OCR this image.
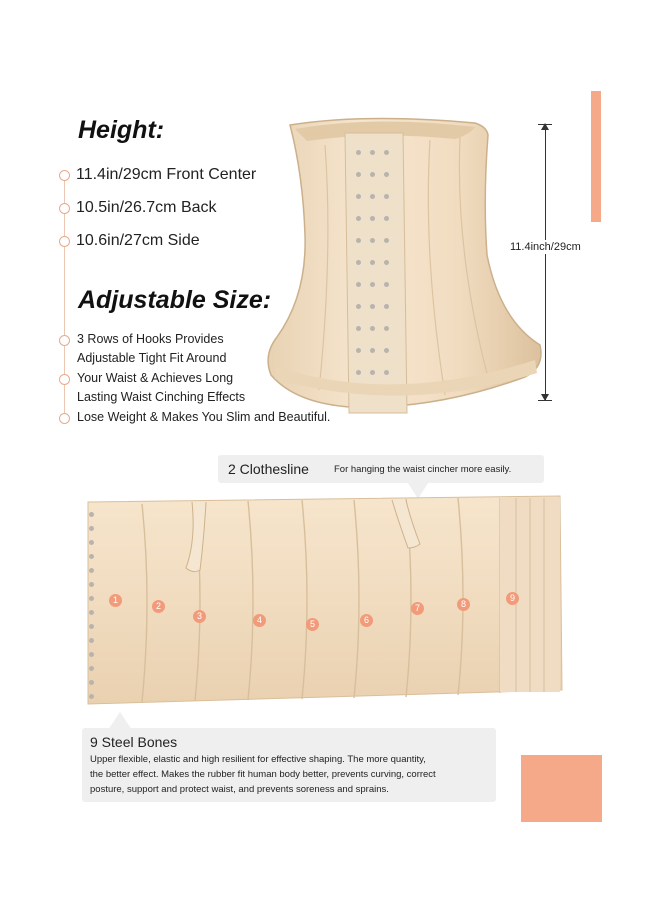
Height:
11.4in/29cm Front Center
10.5in/26.7cm Back
10.6in/27cm Side
Adjustable Size:
3 Rows of Hooks Provides
Adjustable Tight Fit Around
Your Waist & Achieves Long
Lasting Waist Cinching Effects
Lose Weight & Makes You Slim and Beautiful.
11.4inch/29cm
2 Clothesline	For hanging the waist cincher more easily.
1
2
3	4	5	6
7	8
9
9 Steel Bones
Upper flexible, elastic and high resilient for effective shaping. The more quantity,
the better effect. Makes the rubber fit human body better, prevents curving, correct
posture, support and protect waist, and prevents soreness and sprains.
